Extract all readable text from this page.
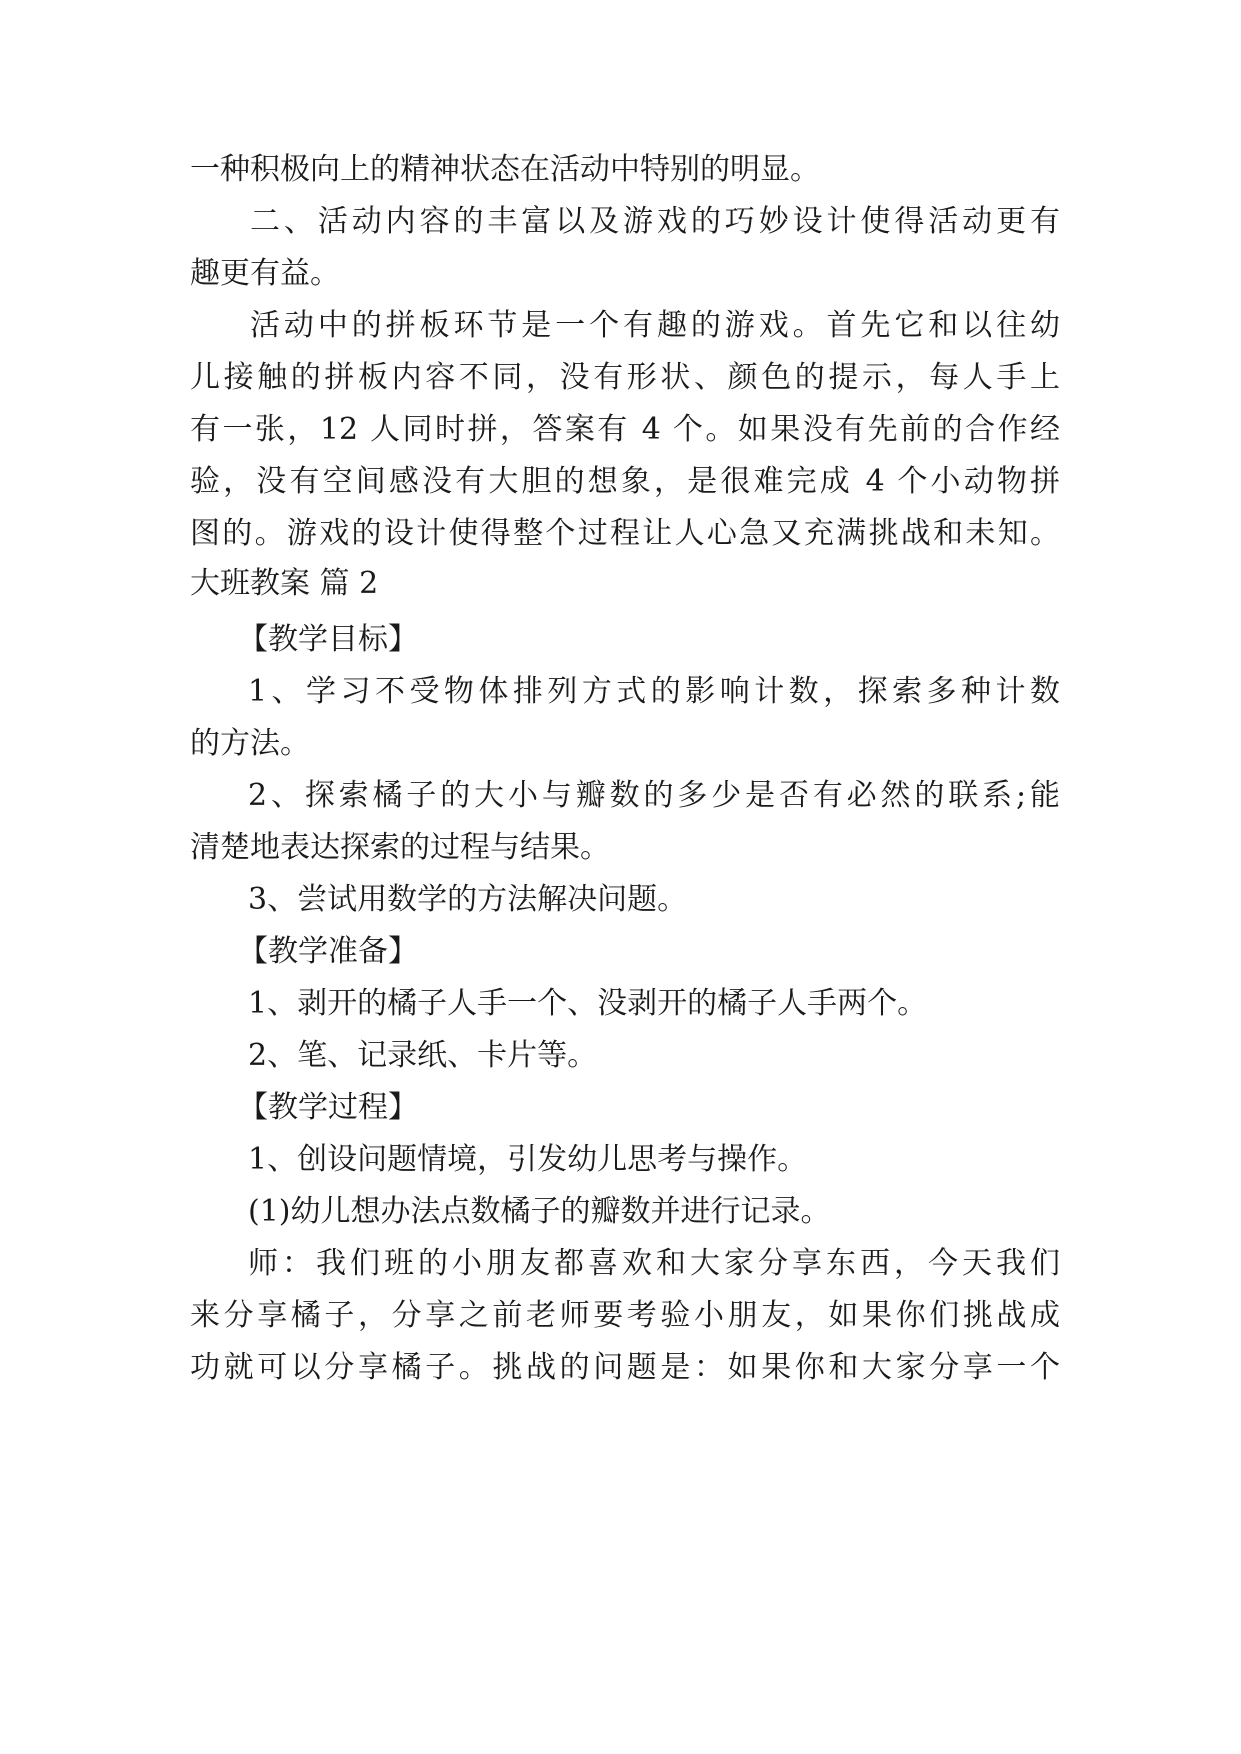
一种积极向上的精神状态在活动中特别的明显。
二、活动内容的丰富以及游戏的巧妙设计使得活动更有
趣更有益。
活动中的拼板环节是一个有趣的游戏。首先它和以往幼
儿接触的拼板内容不同，没有形状、颜色的提示，每人手上
有一张，12 人同时拼，答案有 4 个。如果没有先前的合作经
验，没有空间感没有大胆的想象，是很难完成 4 个小动物拼
图的。游戏的设计使得整个过程让人心急又充满挑战和未知。
大班教案 篇 2
【教学目标】
1、学习不受物体排列方式的影响计数，探索多种计数
的方法。
2、探索橘子的大小与瓣数的多少是否有必然的联系;能
清楚地表达探索的过程与结果。
3、尝试用数学的方法解决问题。
【教学准备】
1、剥开的橘子人手一个、没剥开的橘子人手两个。
2、笔、记录纸、卡片等。
【教学过程】
1、创设问题情境，引发幼儿思考与操作。
(1)幼儿想办法点数橘子的瓣数并进行记录。
师：我们班的小朋友都喜欢和大家分享东西，今天我们
来分享橘子，分享之前老师要考验小朋友，如果你们挑战成
功就可以分享橘子。挑战的问题是：如果你和大家分享一个
